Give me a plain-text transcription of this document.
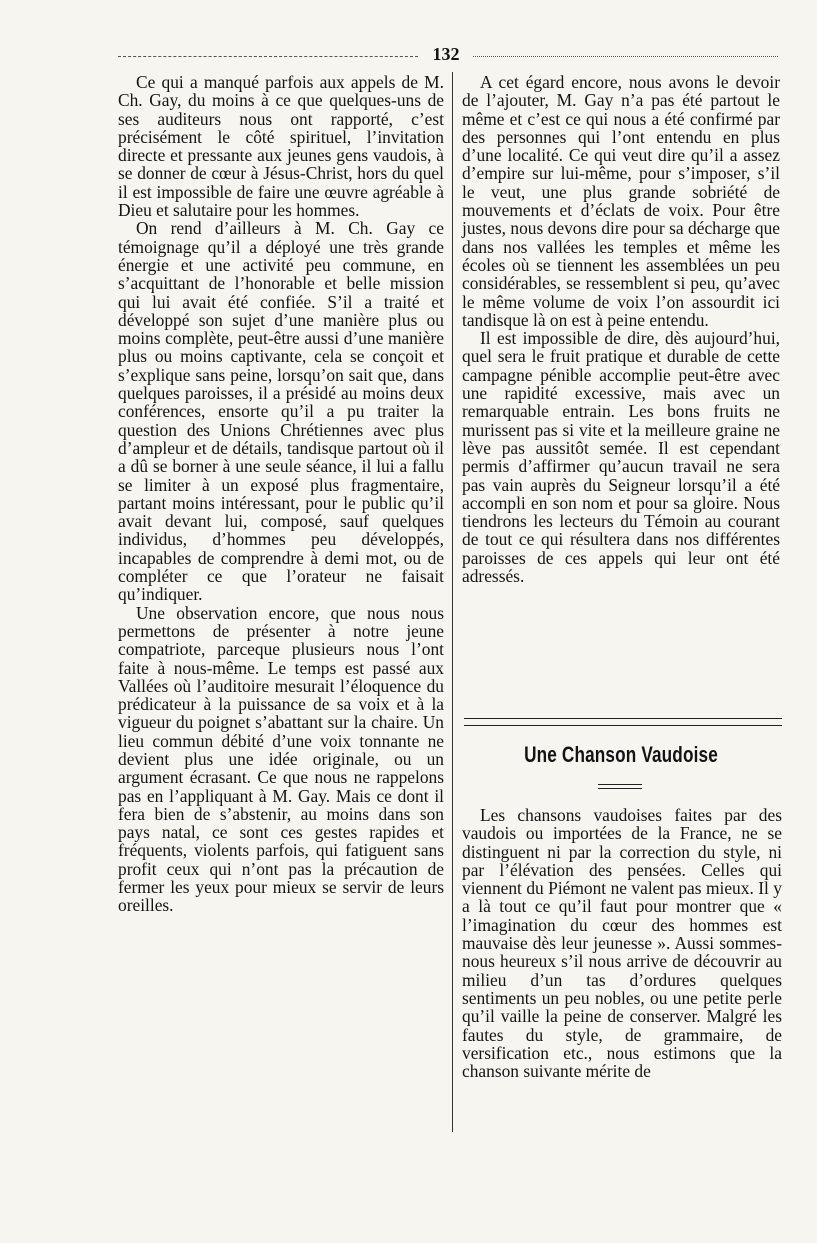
132

Ce qui a manqué parfois aux appels de M. Ch. Gay, du moins à ce que quelques-uns de ses auditeurs nous ont rapporté, c’est précisément le côté spirituel, l’invitation directe et pressante aux jeunes gens vaudois, à se donner de cœur à Jésus-Christ, hors du quel il est impossible de faire une œuvre agréable à Dieu et salutaire pour les hommes.

On rend d’ailleurs à M. Ch. Gay ce témoignage qu’il a déployé une très grande énergie et une activité peu commune, en s’acquittant de l’honorable et belle mission qui lui avait été confiée. S’il a traité et développé son sujet d’une manière plus ou moins complète, peut-être aussi d’une manière plus ou moins captivante, cela se conçoit et s’explique sans peine, lorsqu’on sait que, dans quelques paroisses, il a présidé au moins deux conférences, ensorte qu’il a pu traiter la question des Unions Chrétiennes avec plus d’ampleur et de détails, tandisque partout où il a dû se borner à une seule séance, il lui a fallu se limiter à un exposé plus fragmentaire, partant moins intéressant, pour le public qu’il avait devant lui, composé, sauf quelques individus, d’hommes peu développés, incapables de comprendre à demi mot, ou de compléter ce que l’orateur ne faisait qu’indiquer.

Une observation encore, que nous nous permettons de présenter à notre jeune compatriote, parceque plusieurs nous l’ont faite à nous-même. Le temps est passé aux Vallées où l’auditoire mesurait l’éloquence du prédicateur à la puissance de sa voix et à la vigueur du poignet s’abattant sur la chaire. Un lieu commun débité d’une voix tonnante ne devient plus une idée originale, ou un argument écrasant. Ce que nous ne rappelons pas en l’appliquant à M. Gay. Mais ce dont il fera bien de s’abstenir, au moins dans son pays natal, ce sont ces gestes rapides et fréquents, violents parfois, qui fatiguent sans profit ceux qui n’ont pas la précaution de fermer les yeux pour mieux se servir de leurs oreilles.

A cet égard encore, nous avons le devoir de l’ajouter, M. Gay n’a pas été partout le même et c’est ce qui nous a été confirmé par des personnes qui l’ont entendu en plus d’une localité. Ce qui veut dire qu’il a assez d’empire sur lui-même, pour s’imposer, s’il le veut, une plus grande sobriété de mouvements et d’éclats de voix. Pour être justes, nous devons dire pour sa décharge que dans nos vallées les temples et même les écoles où se tiennent les assemblées un peu considérables, se ressemblent si peu, qu’avec le même volume de voix l’on assourdit ici tandisque là on est à peine entendu.

Il est impossible de dire, dès aujourd’hui, quel sera le fruit pratique et durable de cette campagne pénible accomplie peut-être avec une rapidité excessive, mais avec un remarquable entrain. Les bons fruits ne murissent pas si vite et la meilleure graine ne lève pas aussitôt semée. Il est cependant permis d’affirmer qu’aucun travail ne sera pas vain auprès du Seigneur lorsqu’il a été accompli en son nom et pour sa gloire. Nous tiendrons les lecteurs du Témoin au courant de tout ce qui résultera dans nos différentes paroisses de ces appels qui leur ont été adressés.

Une Chanson Vaudoise

Les chansons vaudoises faites par des vaudois ou importées de la France, ne se distinguent ni par la correction du style, ni par l’élévation des pensées. Celles qui viennent du Piémont ne valent pas mieux. Il y a là tout ce qu’il faut pour montrer que « l’imagination du cœur des hommes est mauvaise dès leur jeunesse ». Aussi sommes-nous heureux s’il nous arrive de découvrir au milieu d’un tas d’ordures quelques sentiments un peu nobles, ou une petite perle qu’il vaille la peine de conserver. Malgré les fautes du style, de grammaire, de versification etc., nous estimons que la chanson suivante mérite de
